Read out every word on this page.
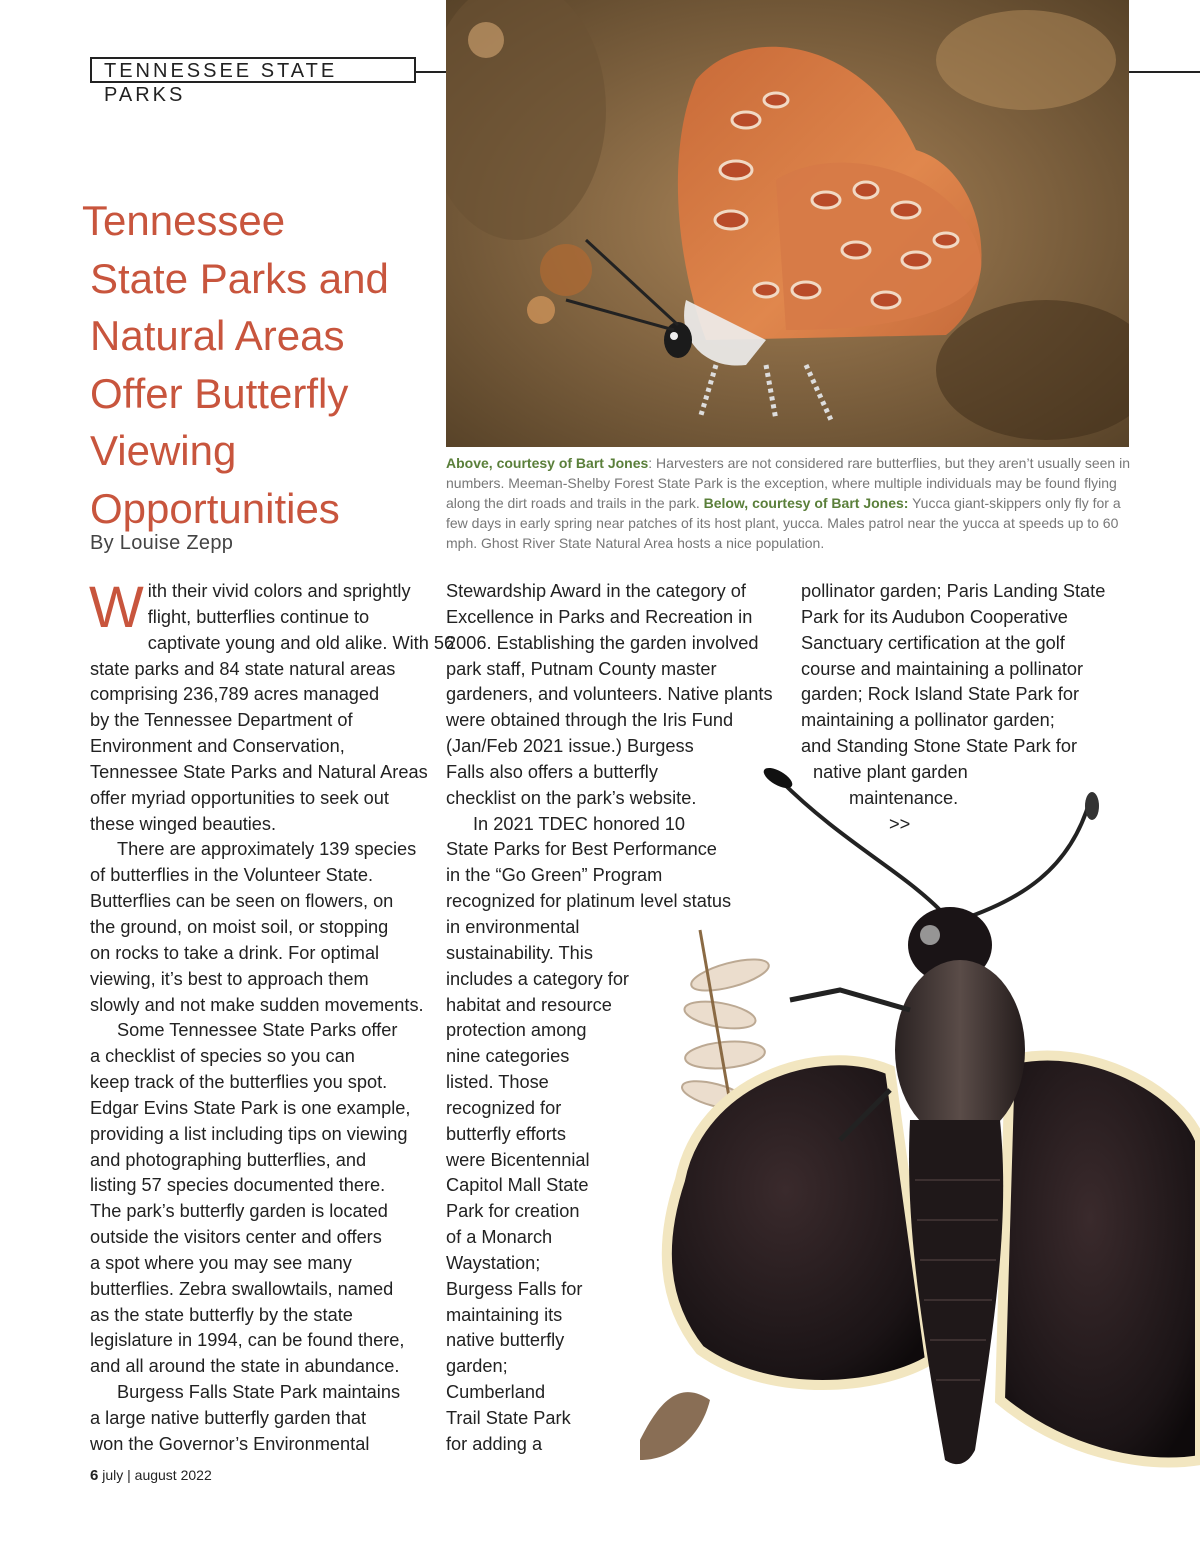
TENNESSEE STATE PARKS
Tennessee
State Parks and
Natural Areas
Offer Butterfly
Viewing
Opportunities
By Louise Zepp
Above, courtesy of Bart Jones: Harvesters are not considered rare butterflies, but they aren’t usually seen in numbers. Meeman-Shelby Forest State Park is the exception, where multiple individuals may be found flying along the dirt roads and trails in the park. Below, courtesy of Bart Jones: Yucca giant-skippers only fly for a few days in early spring near patches of its host plant, yucca. Males patrol near the yucca at speeds up to 60 mph. Ghost River State Natural Area hosts a nice population.
W ith their vivid colors and sprightly
flight, butterflies continue to
captivate young and old alike. With 56
state parks and 84 state natural areas
comprising 236,789 acres managed
by the Tennessee Department of
Environment and Conservation,
Tennessee State Parks and Natural Areas
offer myriad opportunities to seek out
these winged beauties.
There are approximately 139 species
of butterflies in the Volunteer State.
Butterflies can be seen on flowers, on
the ground, on moist soil, or stopping
on rocks to take a drink. For optimal
viewing, it’s best to approach them
slowly and not make sudden movements.
Some Tennessee State Parks offer
a checklist of species so you can
keep track of the butterflies you spot.
Edgar Evins State Park is one example,
providing a list including tips on viewing
and photographing butterflies, and
listing 57 species documented there.
The park’s butterfly garden is located
outside the visitors center and offers
a spot where you may see many
butterflies. Zebra swallowtails, named
as the state butterfly by the state
legislature in 1994, can be found there,
and all around the state in abundance.
Burgess Falls State Park maintains
a large native butterfly garden that
won the Governor’s Environmental
Stewardship Award in the category of
Excellence in Parks and Recreation in
2006. Establishing the garden involved
park staff, Putnam County master
gardeners, and volunteers. Native plants
were obtained through the Iris Fund
(Jan/Feb 2021 issue.) Burgess
Falls also offers a butterfly
checklist on the park’s website.
In 2021 TDEC honored 10
State Parks for Best Performance
in the “Go Green” Program
recognized for platinum level status
in environmental
sustainability. This
includes a category for
habitat and resource
protection among
nine categories
listed. Those
recognized for
butterfly efforts
were Bicentennial
Capitol Mall State
Park for creation
of a Monarch
Waystation;
Burgess Falls for
maintaining its
native butterfly
garden;
Cumberland
Trail State Park
for adding a
pollinator garden; Paris Landing State
Park for its Audubon Cooperative
Sanctuary certification at the golf
course and maintaining a pollinator
garden; Rock Island State Park for
maintaining a pollinator garden;
and Standing Stone State Park for
native plant garden
maintenance.
>>
6 july | august 2022
